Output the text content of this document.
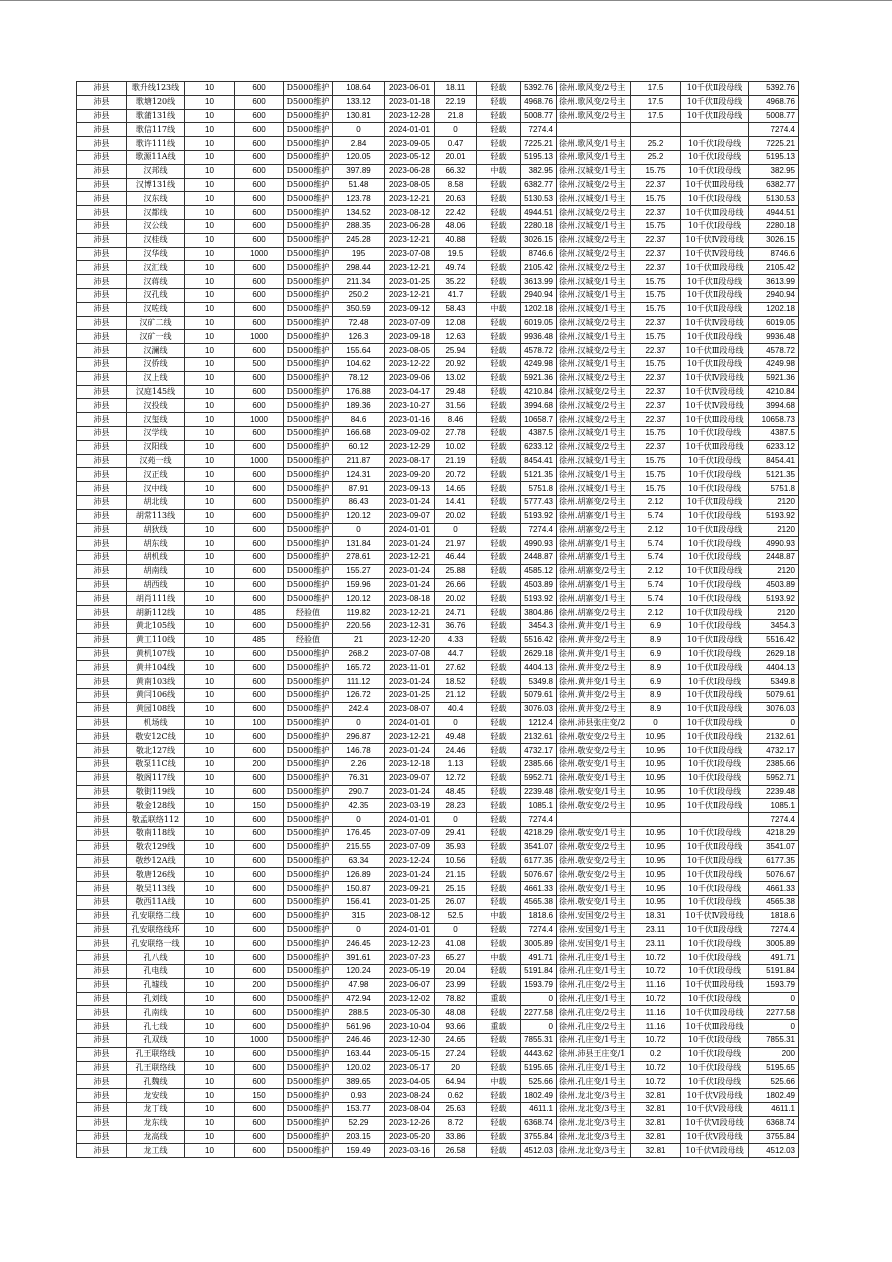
沛县	歌升线123线	10	600	D5000维护	108.64	2023-06-01	18.11	轻载	5392.76	徐州.歌风变/2号主	17.5	10千伏Ⅱ段母线	5392.76
沛县	歌塘120线	10	600	D5000维护	133.12	2023-01-18	22.19	轻载	4968.76	徐州.歌风变/2号主	17.5	10千伏Ⅱ段母线	4968.76
沛县	歌蒲131线	10	600	D5000维护	130.81	2023-12-28	21.8	轻载	5008.77	徐州.歌风变/2号主	17.5	10千伏Ⅱ段母线	5008.77
沛县	歌信117线	10	600	D5000维护	0	2024-01-01	0	轻载	7274.4				7274.4
沛县	歌许111线	10	600	D5000维护	2.84	2023-09-05	0.47	轻载	7225.21	徐州.歌风变/1号主	25.2	10千伏Ⅰ段母线	7225.21
沛县	歌源11A线	10	600	D5000维护	120.05	2023-05-12	20.01	轻载	5195.13	徐州.歌风变/1号主	25.2	10千伏Ⅰ段母线	5195.13
沛县	汉邦线	10	600	D5000维护	397.89	2023-06-28	66.32	中载	382.95	徐州.汉城变/1号主	15.75	10千伏Ⅰ段母线	382.95
沛县	汉博131线	10	600	D5000维护	51.48	2023-08-05	8.58	轻载	6382.77	徐州.汉城变/2号主	22.37	10千伏Ⅲ段母线	6382.77
沛县	汉东线	10	600	D5000维护	123.78	2023-12-21	20.63	轻载	5130.53	徐州.汉城变/1号主	15.75	10千伏Ⅰ段母线	5130.53
沛县	汉都线	10	600	D5000维护	134.52	2023-08-12	22.42	轻载	4944.51	徐州.汉城变/2号主	22.37	10千伏Ⅲ段母线	4944.51
沛县	汉公线	10	600	D5000维护	288.35	2023-06-28	48.06	轻载	2280.18	徐州.汉城变/1号主	15.75	10千伏Ⅰ段母线	2280.18
沛县	汉桂线	10	600	D5000维护	245.28	2023-12-21	40.88	轻载	3026.15	徐州.汉城变/2号主	22.37	10千伏Ⅳ段母线	3026.15
沛县	汉华线	10	1000	D5000维护	195	2023-07-08	19.5	轻载	8746.6	徐州.汉城变/2号主	22.37	10千伏Ⅳ段母线	8746.6
沛县	汉汇线	10	600	D5000维护	298.44	2023-12-21	49.74	轻载	2105.42	徐州.汉城变/2号主	22.37	10千伏Ⅲ段母线	2105.42
沛县	汉蒋线	10	600	D5000维护	211.34	2023-01-25	35.22	轻载	3613.99	徐州.汉城变/1号主	15.75	10千伏Ⅱ段母线	3613.99
沛县	汉孔线	10	600	D5000维护	250.2	2023-12-21	41.7	轻载	2940.94	徐州.汉城变/1号主	15.75	10千伏Ⅱ段母线	2940.94
沛县	汉咗线	10	600	D5000维护	350.59	2023-09-12	58.43	中载	1202.18	徐州.汉城变/1号主	15.75	10千伏Ⅱ段母线	1202.18
沛县	汉矿二线	10	600	D5000维护	72.48	2023-07-09	12.08	轻载	6019.05	徐州.汉城变/2号主	22.37	10千伏Ⅳ段母线	6019.05
沛县	汉矿一线	10	1000	D5000维护	126.3	2023-09-18	12.63	轻载	9936.48	徐州.汉城变/1号主	15.75	10千伏Ⅱ段母线	9936.48
沛县	汉澜线	10	600	D5000维护	155.64	2023-08-05	25.94	轻载	4578.72	徐州.汉城变/2号主	22.37	10千伏Ⅲ段母线	4578.72
沛县	汉侨线	10	500	D5000维护	104.62	2023-12-22	20.92	轻载	4249.98	徐州.汉城变/1号主	15.75	10千伏Ⅱ段母线	4249.98
沛县	汉上线	10	600	D5000维护	78.12	2023-09-06	13.02	轻载	5921.36	徐州.汉城变/2号主	22.37	10千伏Ⅳ段母线	5921.36
沛县	汉庭145线	10	600	D5000维护	176.88	2023-04-17	29.48	轻载	4210.84	徐州.汉城变/2号主	22.37	10千伏Ⅳ段母线	4210.84
沛县	汉投线	10	600	D5000维护	189.36	2023-10-27	31.56	轻载	3994.68	徐州.汉城变/2号主	22.37	10千伏Ⅳ段母线	3994.68
沛县	汉玺线	10	1000	D5000维护	84.6	2023-01-16	8.46	轻载	10658.7	徐州.汉城变/2号主	22.37	10千伏Ⅲ段母线	10658.73
沛县	汉学线	10	600	D5000维护	166.68	2023-09-02	27.78	轻载	4387.5	徐州.汉城变/1号主	15.75	10千伏Ⅰ段母线	4387.5
沛县	汉阳线	10	600	D5000维护	60.12	2023-12-29	10.02	轻载	6233.12	徐州.汉城变/2号主	22.37	10千伏Ⅲ段母线	6233.12
沛县	汉苑一线	10	1000	D5000维护	211.87	2023-08-17	21.19	轻载	8454.41	徐州.汉城变/1号主	15.75	10千伏Ⅰ段母线	8454.41
沛县	汉正线	10	600	D5000维护	124.31	2023-09-20	20.72	轻载	5121.35	徐州.汉城变/1号主	15.75	10千伏Ⅰ段母线	5121.35
沛县	汉中线	10	600	D5000维护	87.91	2023-09-13	14.65	轻载	5751.8	徐州.汉城变/1号主	15.75	10千伏Ⅰ段母线	5751.8
沛县	胡北线	10	600	D5000维护	86.43	2023-01-24	14.41	轻载	5777.43	徐州.胡寨变/2号主	2.12	10千伏Ⅱ段母线	2120
沛县	胡常113线	10	600	D5000维护	120.12	2023-09-07	20.02	轻载	5193.92	徐州.胡寨变/1号主	5.74	10千伏Ⅰ段母线	5193.92
沛县	胡狄线	10	600	D5000维护	0	2024-01-01	0	轻载	7274.4	徐州.胡寨变/2号主	2.12	10千伏Ⅱ段母线	2120
沛县	胡东线	10	600	D5000维护	131.84	2023-01-24	21.97	轻载	4990.93	徐州.胡寨变/1号主	5.74	10千伏Ⅰ段母线	4990.93
沛县	胡机线	10	600	D5000维护	278.61	2023-12-21	46.44	轻载	2448.87	徐州.胡寨变/1号主	5.74	10千伏Ⅰ段母线	2448.87
沛县	胡南线	10	600	D5000维护	155.27	2023-01-24	25.88	轻载	4585.12	徐州.胡寨变/2号主	2.12	10千伏Ⅱ段母线	2120
沛县	胡西线	10	600	D5000维护	159.96	2023-01-24	26.66	轻载	4503.89	徐州.胡寨变/1号主	5.74	10千伏Ⅰ段母线	4503.89
沛县	胡肖111线	10	600	D5000维护	120.12	2023-08-18	20.02	轻载	5193.92	徐州.胡寨变/1号主	5.74	10千伏Ⅰ段母线	5193.92
沛县	胡新112线	10	485	经验值	119.82	2023-12-21	24.71	轻载	3804.86	徐州.胡寨变/2号主	2.12	10千伏Ⅱ段母线	2120
沛县	黄北105线	10	600	D5000维护	220.56	2023-12-31	36.76	轻载	3454.3	徐州.黄井变/1号主	6.9	10千伏Ⅰ段母线	3454.3
沛县	黄工110线	10	485	经验值	21	2023-12-20	4.33	轻载	5516.42	徐州.黄井变/2号主	8.9	10千伏Ⅱ段母线	5516.42
沛县	黄机107线	10	600	D5000维护	268.2	2023-07-08	44.7	轻载	2629.18	徐州.黄井变/1号主	6.9	10千伏Ⅰ段母线	2629.18
沛县	黄井104线	10	600	D5000维护	165.72	2023-11-01	27.62	轻载	4404.13	徐州.黄井变/2号主	8.9	10千伏Ⅱ段母线	4404.13
沛县	黄南103线	10	600	D5000维护	111.12	2023-01-24	18.52	轻载	5349.8	徐州.黄井变/1号主	6.9	10千伏Ⅰ段母线	5349.8
沛县	黄闫106线	10	600	D5000维护	126.72	2023-01-25	21.12	轻载	5079.61	徐州.黄井变/2号主	8.9	10千伏Ⅱ段母线	5079.61
沛县	黄园108线	10	600	D5000维护	242.4	2023-08-07	40.4	轻载	3076.03	徐州.黄井变/2号主	8.9	10千伏Ⅱ段母线	3076.03
沛县	机场线	10	100	D5000维护	0	2024-01-01	0	轻载	1212.4	徐州.沛县张庄变/2	0	10千伏Ⅱ段母线	0
沛县	敬安12C线	10	600	D5000维护	296.87	2023-12-21	49.48	轻载	2132.61	徐州.敬安变/2号主	10.95	10千伏Ⅱ段母线	2132.61
沛县	敬北127线	10	600	D5000维护	146.78	2023-01-24	24.46	轻载	4732.17	徐州.敬安变/2号主	10.95	10千伏Ⅱ段母线	4732.17
沛县	敬泵11C线	10	200	D5000维护	2.26	2023-12-18	1.13	轻载	2385.66	徐州.敬安变/1号主	10.95	10千伏Ⅰ段母线	2385.66
沛县	敬阁117线	10	600	D5000维护	76.31	2023-09-07	12.72	轻载	5952.71	徐州.敬安变/1号主	10.95	10千伏Ⅰ段母线	5952.71
沛县	敬街119线	10	600	D5000维护	290.7	2023-01-24	48.45	轻载	2239.48	徐州.敬安变/1号主	10.95	10千伏Ⅰ段母线	2239.48
沛县	敬金128线	10	150	D5000维护	42.35	2023-03-19	28.23	轻载	1085.1	徐州.敬安变/2号主	10.95	10千伏Ⅱ段母线	1085.1
沛县	敬孟联络112	10	600	D5000维护	0	2024-01-01	0	轻载	7274.4				7274.4
沛县	敬南118线	10	600	D5000维护	176.45	2023-07-09	29.41	轻载	4218.29	徐州.敬安变/1号主	10.95	10千伏Ⅰ段母线	4218.29
沛县	敬农129线	10	600	D5000维护	215.55	2023-07-09	35.93	轻载	3541.07	徐州.敬安变/2号主	10.95	10千伏Ⅱ段母线	3541.07
沛县	敬纱12A线	10	600	D5000维护	63.34	2023-12-24	10.56	轻载	6177.35	徐州.敬安变/2号主	10.95	10千伏Ⅱ段母线	6177.35
沛县	敬唐126线	10	600	D5000维护	126.89	2023-01-24	21.15	轻载	5076.67	徐州.敬安变/2号主	10.95	10千伏Ⅱ段母线	5076.67
沛县	敬吴113线	10	600	D5000维护	150.87	2023-09-21	25.15	轻载	4661.33	徐州.敬安变/1号主	10.95	10千伏Ⅰ段母线	4661.33
沛县	敬西11A线	10	600	D5000维护	156.41	2023-01-25	26.07	轻载	4565.38	徐州.敬安变/1号主	10.95	10千伏Ⅰ段母线	4565.38
沛县	孔安联络二线	10	600	D5000维护	315	2023-08-12	52.5	中载	1818.6	徐州.安国变/2号主	18.31	10千伏Ⅳ段母线	1818.6
沛县	孔安联络线环	10	600	D5000维护	0	2024-01-01	0	轻载	7274.4	徐州.安国变/1号主	23.11	10千伏Ⅱ段母线	7274.4
沛县	孔安联络一线	10	600	D5000维护	246.45	2023-12-23	41.08	轻载	3005.89	徐州.安国变/1号主	23.11	10千伏Ⅰ段母线	3005.89
沛县	孔八线	10	600	D5000维护	391.61	2023-07-23	65.27	中载	491.71	徐州.孔庄变/1号主	10.72	10千伏Ⅰ段母线	491.71
沛县	孔电线	10	600	D5000维护	120.24	2023-05-19	20.04	轻载	5191.84	徐州.孔庄变/1号主	10.72	10千伏Ⅰ段母线	5191.84
沛县	孔墟线	10	200	D5000维护	47.98	2023-06-07	23.99	轻载	1593.79	徐州.孔庄变/2号主	11.16	10千伏Ⅲ段母线	1593.79
沛县	孔刘线	10	600	D5000维护	472.94	2023-12-02	78.82	重载	0	徐州.孔庄变/1号主	10.72	10千伏Ⅰ段母线	0
沛县	孔南线	10	600	D5000维护	288.5	2023-05-30	48.08	轻载	2277.58	徐州.孔庄变/2号主	11.16	10千伏Ⅲ段母线	2277.58
沛县	孔七线	10	600	D5000维护	561.96	2023-10-04	93.66	重载	0	徐州.孔庄变/2号主	11.16	10千伏Ⅲ段母线	0
沛县	孔双线	10	1000	D5000维护	246.46	2023-12-30	24.65	轻载	7855.31	徐州.孔庄变/1号主	10.72	10千伏Ⅰ段母线	7855.31
沛县	孔王联络线	10	600	D5000维护	163.44	2023-05-15	27.24	轻载	4443.62	徐州.沛县王庄变/1	0.2	10千伏Ⅰ段母线	200
沛县	孔王联络线	10	600	D5000维护	120.02	2023-05-17	20	轻载	5195.65	徐州.孔庄变/1号主	10.72	10千伏Ⅰ段母线	5195.65
沛县	孔魏线	10	600	D5000维护	389.65	2023-04-05	64.94	中载	525.66	徐州.孔庄变/1号主	10.72	10千伏Ⅰ段母线	525.66
沛县	龙安线	10	150	D5000维护	0.93	2023-08-24	0.62	轻载	1802.49	徐州.龙北变/3号主	32.81	10千伏Ⅴ段母线	1802.49
沛县	龙丁线	10	600	D5000维护	153.77	2023-08-04	25.63	轻载	4611.1	徐州.龙北变/3号主	32.81	10千伏Ⅴ段母线	4611.1
沛县	龙东线	10	600	D5000维护	52.29	2023-12-26	8.72	轻载	6368.74	徐州.龙北变/3号主	32.81	10千伏Ⅵ段母线	6368.74
沛县	龙高线	10	600	D5000维护	203.15	2023-05-20	33.86	轻载	3755.84	徐州.龙北变/3号主	32.81	10千伏Ⅴ段母线	3755.84
沛县	龙工线	10	600	D5000维护	159.49	2023-03-16	26.58	轻载	4512.03	徐州.龙北变/3号主	32.81	10千伏Ⅵ段母线	4512.03
